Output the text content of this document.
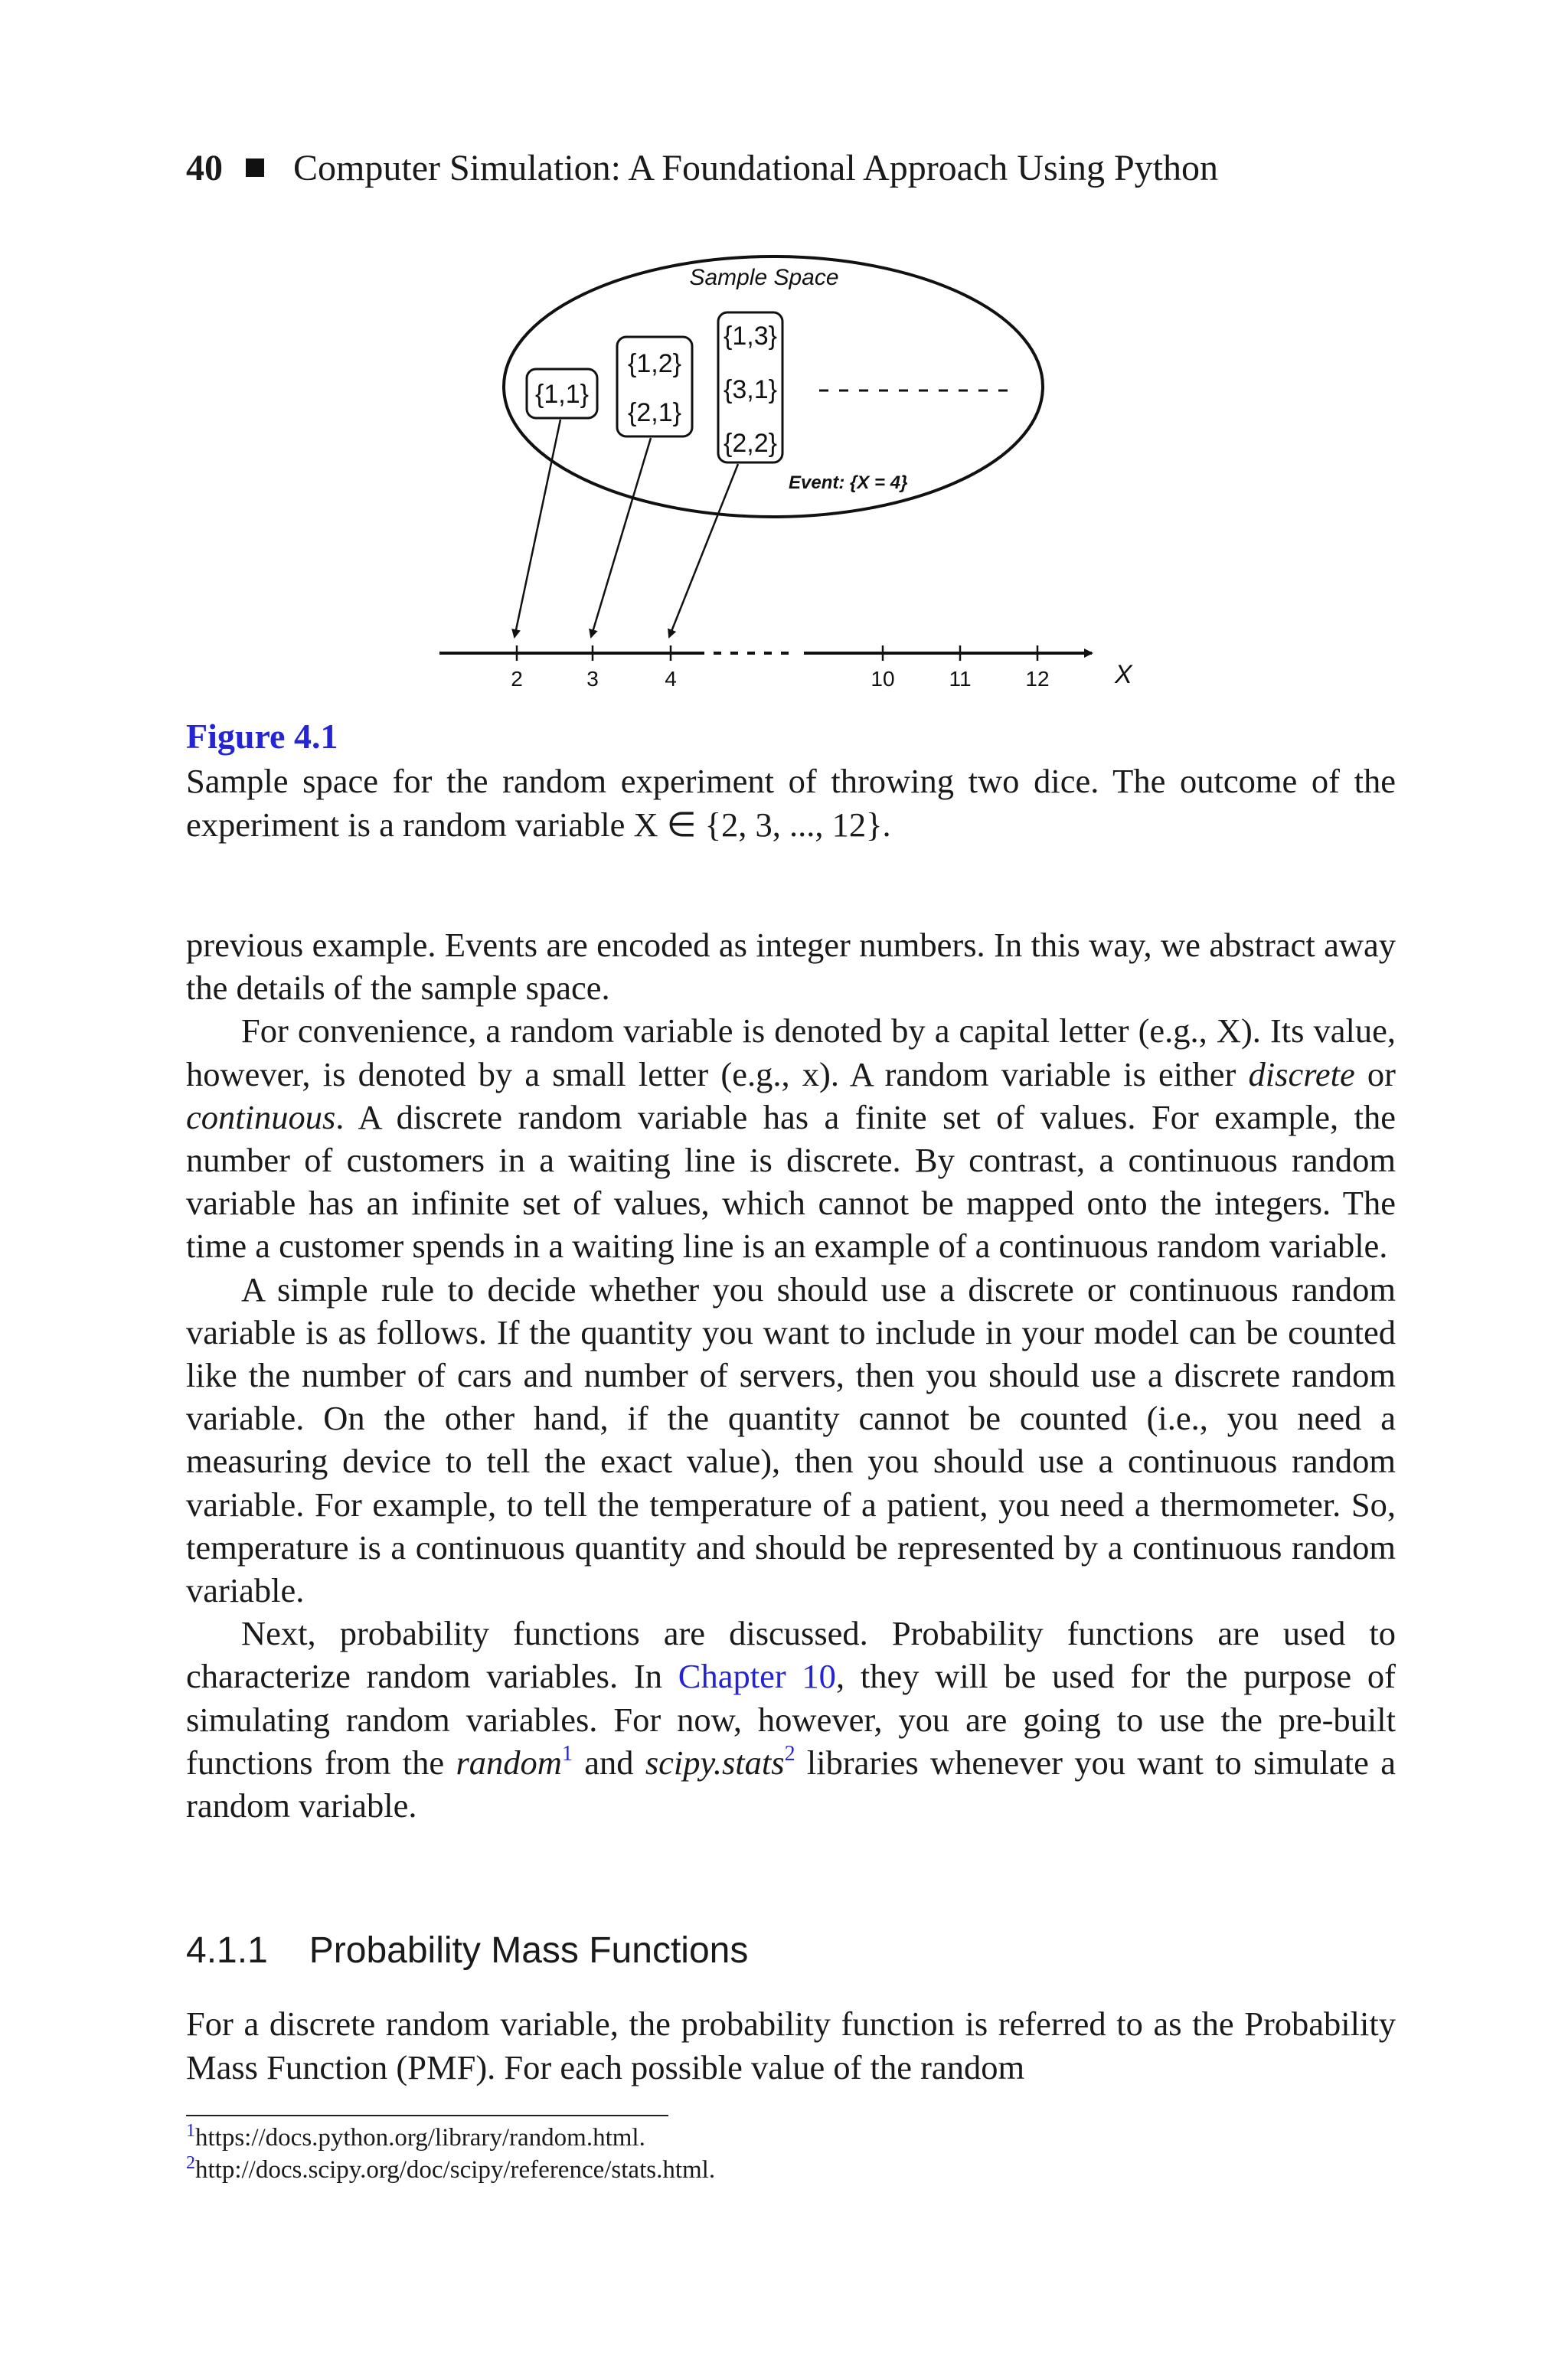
40 Computer Simulation: A Foundational Approach Using Python
Sample Space
{1,1}
{1,2}
{2,1}
{1,3}
{3,1}
{2,2}
Event: {X = 4}
2	3	4	10	11	12	X
Figure 4.1
Sample space for the random experiment of throwing two dice. The outcome of the experiment is a random variable X ∈ {2, 3, ..., 12}.

previous example. Events are encoded as integer numbers. In this way, we abstract away the details of the sample space.

For convenience, a random variable is denoted by a capital letter (e.g., X). Its value, however, is denoted by a small letter (e.g., x). A random variable is either discrete or continuous. A discrete random variable has a finite set of values. For example, the number of customers in a waiting line is discrete. By contrast, a continuous random variable has an infinite set of values, which cannot be mapped onto the integers. The time a customer spends in a waiting line is an example of a continuous random variable.

A simple rule to decide whether you should use a discrete or continuous random variable is as follows. If the quantity you want to include in your model can be counted like the number of cars and number of servers, then you should use a discrete random variable. On the other hand, if the quantity cannot be counted (i.e., you need a measuring device to tell the exact value), then you should use a continuous random variable. For example, to tell the temperature of a patient, you need a thermometer. So, temperature is a continuous quantity and should be represented by a continuous random variable.

Next, probability functions are discussed. Probability functions are used to characterize random variables. In Chapter 10, they will be used for the purpose of simulating random variables. For now, however, you are going to use the pre-built functions from the random$^1$ and scipy.stats$^2$ libraries whenever you want to simulate a random variable.

4.1.1 Probability Mass Functions
For a discrete random variable, the probability function is referred to as the Probability Mass Function (PMF). For each possible value of the random
$^1$https://docs.python.org/library/random.html.
$^2$http://docs.scipy.org/doc/scipy/reference/stats.html.
